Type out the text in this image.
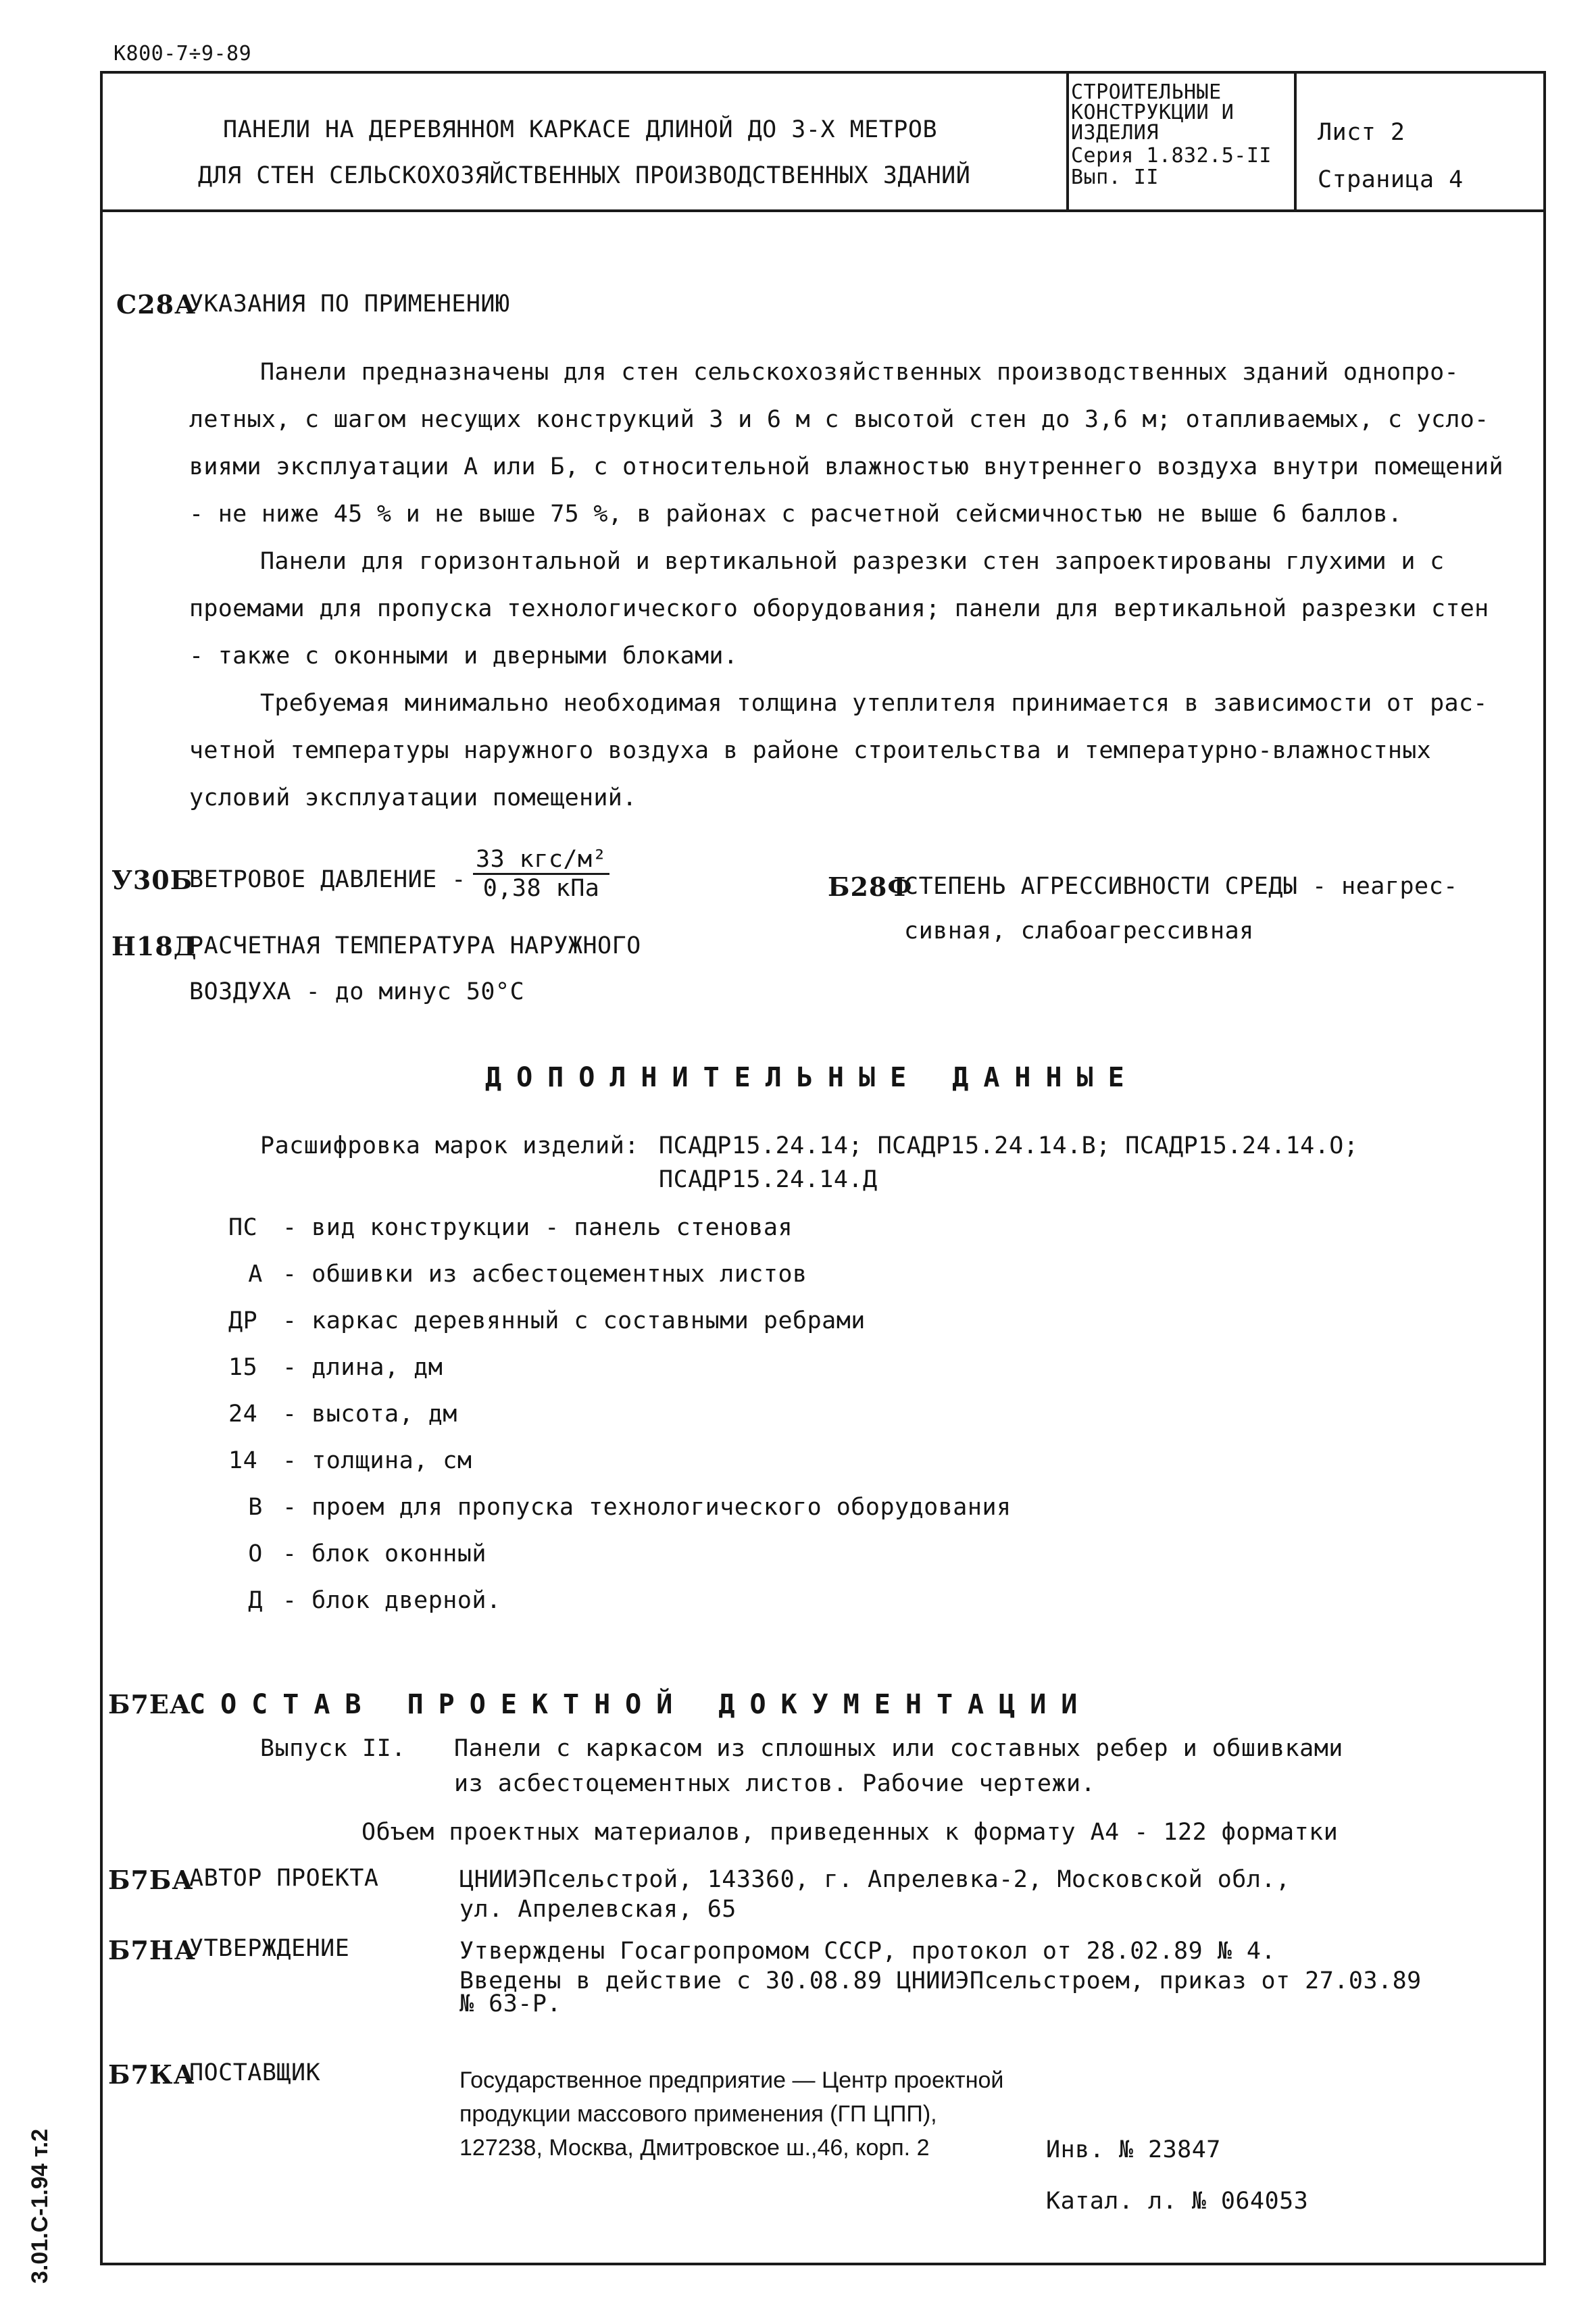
К800-7÷9-89
3.01.С-1.94 т.2
ПАНЕЛИ НА ДЕРЕВЯННОМ КАРКАСЕ ДЛИНОЙ ДО 3-Х МЕТРОВ
ДЛЯ СТЕН СЕЛЬСКОХОЗЯЙСТВЕННЫХ ПРОИЗВОДСТВЕННЫХ ЗДАНИЙ
СТРОИТЕЛЬНЫЕ
КОНСТРУКЦИИ И
ИЗДЕЛИЯ
Серия 1.832.5-II
Вып. II
Лист 2
Страница 4
С28А
УКАЗАНИЯ ПО ПРИМЕНЕНИЮ
Панели предназначены для стен сельскохозяйственных производственных зданий однопро-
летных, с шагом несущих конструкций 3 и 6 м с высотой стен до 3,6 м; отапливаемых, с усло-
виями эксплуатации А или Б, с относительной влажностью внутреннего воздуха внутри помещений
- не ниже 45 % и не выше 75 %, в районах с расчетной сейсмичностью не выше 6 баллов.
Панели для горизонтальной и вертикальной разрезки стен запроектированы глухими и с
проемами для пропуска технологического оборудования; панели для вертикальной разрезки стен
- также с оконными и дверными блоками.
Требуемая минимально необходимая толщина утеплителя принимается в зависимости от рас-
четной температуры наружного воздуха в районе строительства и температурно-влажностных
условий эксплуатации помещений.
У30Б
ВЕТРОВОЕ ДАВЛЕНИЕ - $\frac{\text{33 кгс/м²}}{\text{0,38 кПа}}$
Н18Д
РАСЧЕТНАЯ ТЕМПЕРАТУРА НАРУЖНОГО
ВОЗДУХА - до минус 50°С
Б28Ф
СТЕПЕНЬ АГРЕССИВНОСТИ СРЕДЫ - неагрес-
сивная, слабоагрессивная
ДОПОЛНИТЕЛЬНЫЕ ДАННЫЕ
Расшифровка марок изделий: ПСАДР15.24.14; ПСАДР15.24.14.В; ПСАДР15.24.14.О;
ПСАДР15.24.14.Д
ПС - вид конструкции - панель стеновая
А - обшивки из асбестоцементных листов
ДР - каркас деревянный с составными ребрами
15 - длина, дм
24 - высота, дм
14 - толщина, см
В - проем для пропуска технологического оборудования
О - блок оконный
Д - блок дверной.
Б7ЕА
СОСТАВ ПРОЕКТНОЙ ДОКУМЕНТАЦИИ
Выпуск II. Панели с каркасом из сплошных или составных ребер и обшивками
из асбестоцементных листов. Рабочие чертежи.
Объем проектных материалов, приведенных к формату А4 - 122 форматки
Б7БА
АВТОР ПРОЕКТА	ЦНИИЭПсельстрой, 143360, г. Апрелевка-2, Московской обл.,
ул. Апрелевская, 65
Б7НА
УТВЕРЖДЕНИЕ	Утверждены Госагропромом СССР, протокол от 28.02.89 № 4.
Введены в действие с 30.08.89 ЦНИИЭПсельстроем, приказ от 27.03.89
№ 63-Р.
Б7КА
ПОСТАВЩИК	Государственное предприятие — Центр проектной
продукции массового применения (ГП ЦПП),
127238, Москва, Дмитровское ш.,46, корп. 2	Инв. № 23847
Катал. л. № 064053
